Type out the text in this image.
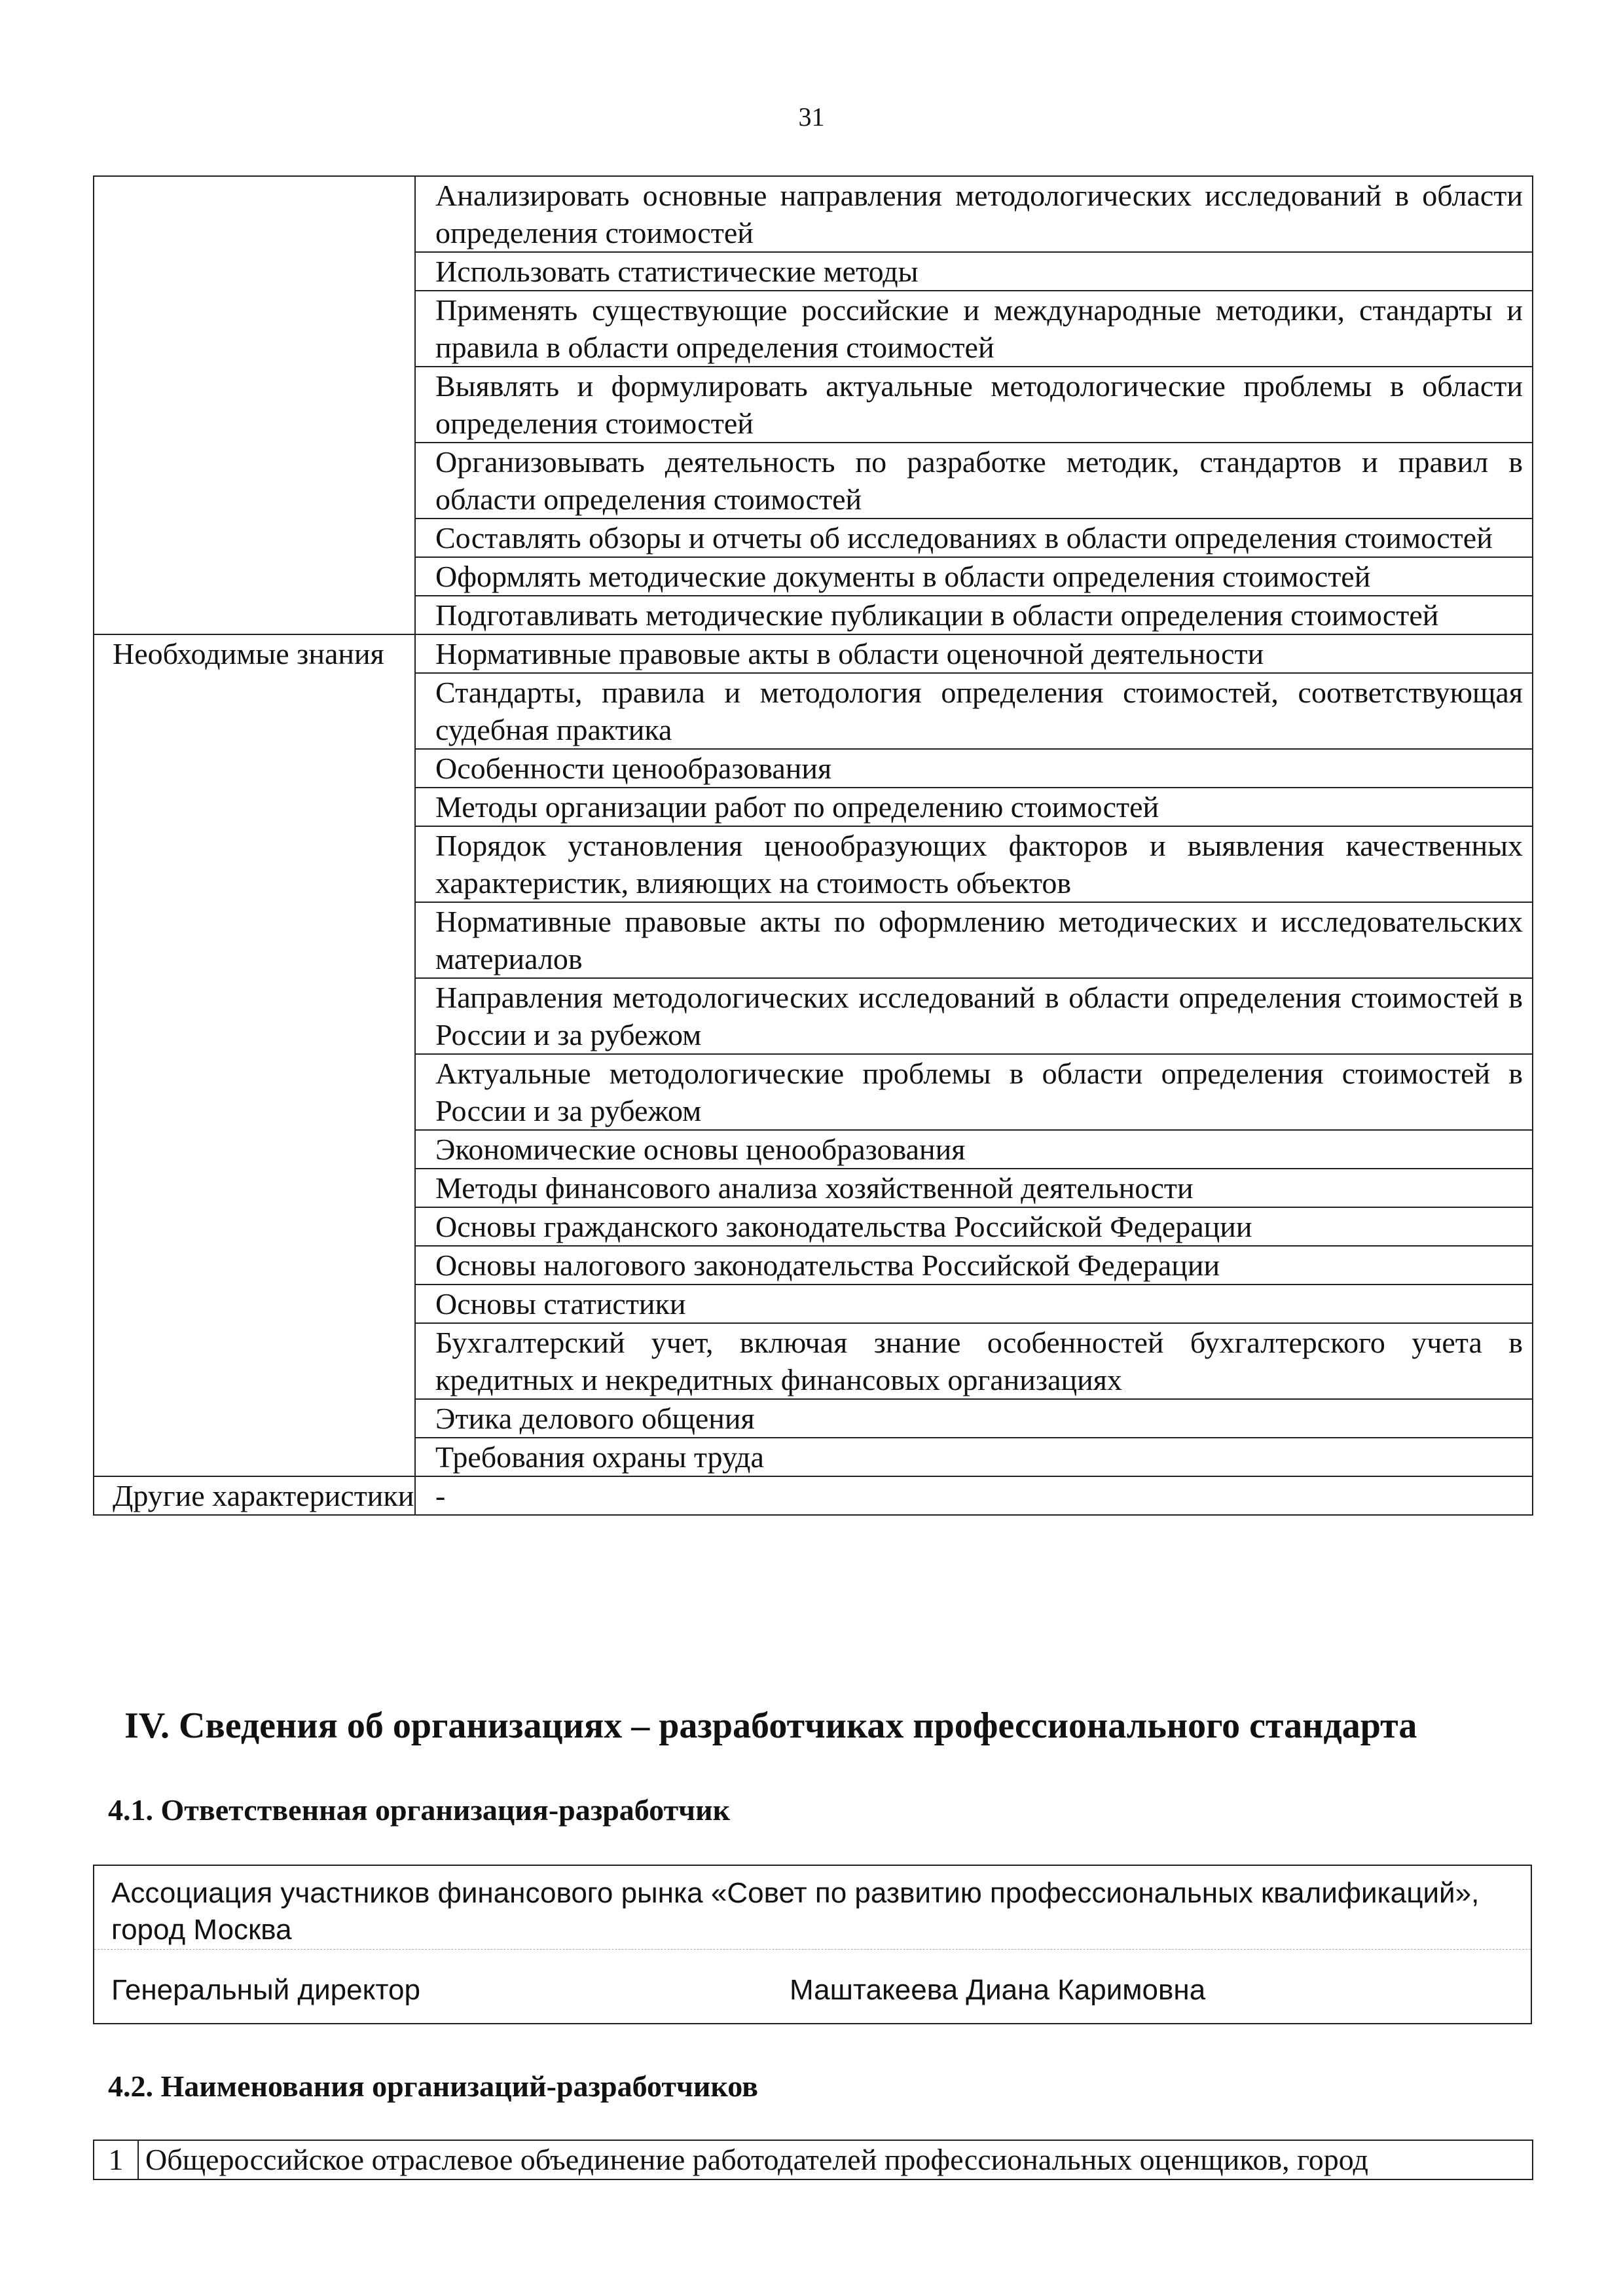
31
	Анализировать основные направления методологических исследований в области определения стоимостей
	Использовать статистические методы
	Применять существующие российские и международные методики, стандарты и правила в области определения стоимостей
	Выявлять и формулировать актуальные методологические проблемы в области определения стоимостей
	Организовывать деятельность по разработке методик, стандартов и правил в области определения стоимостей
	Составлять обзоры и отчеты об исследованиях в области определения стоимостей
	Оформлять методические документы в области определения стоимостей
	Подготавливать методические публикации в области определения стоимостей
Необходимые знания	Нормативные правовые акты в области оценочной деятельности
	Стандарты, правила и методология определения стоимостей, соответствующая судебная практика
	Особенности ценообразования
	Методы организации работ по определению стоимостей
	Порядок установления ценообразующих факторов и выявления качественных характеристик, влияющих на стоимость объектов
	Нормативные правовые акты по оформлению методических и исследовательских материалов
	Направления методологических исследований в области определения стоимостей в России и за рубежом
	Актуальные методологические проблемы в области определения стоимостей в России и за рубежом
	Экономические основы ценообразования
	Методы финансового анализа хозяйственной деятельности
	Основы гражданского законодательства Российской Федерации
	Основы налогового законодательства Российской Федерации
	Основы статистики
	Бухгалтерский учет, включая знание особенностей бухгалтерского учета в кредитных и некредитных финансовых организациях
	Этика делового общения
	Требования охраны труда
Другие характеристики	-
IV. Сведения об организациях – разработчиках профессионального стандарта
4.1. Ответственная организация-разработчик
Ассоциация участников финансового рынка «Совет по развитию профессиональных квалификаций», город Москва
Генеральный директор	Маштакеева Диана Каримовна
4.2. Наименования организаций-разработчиков
1	Общероссийское отраслевое объединение работодателей профессиональных оценщиков, город
